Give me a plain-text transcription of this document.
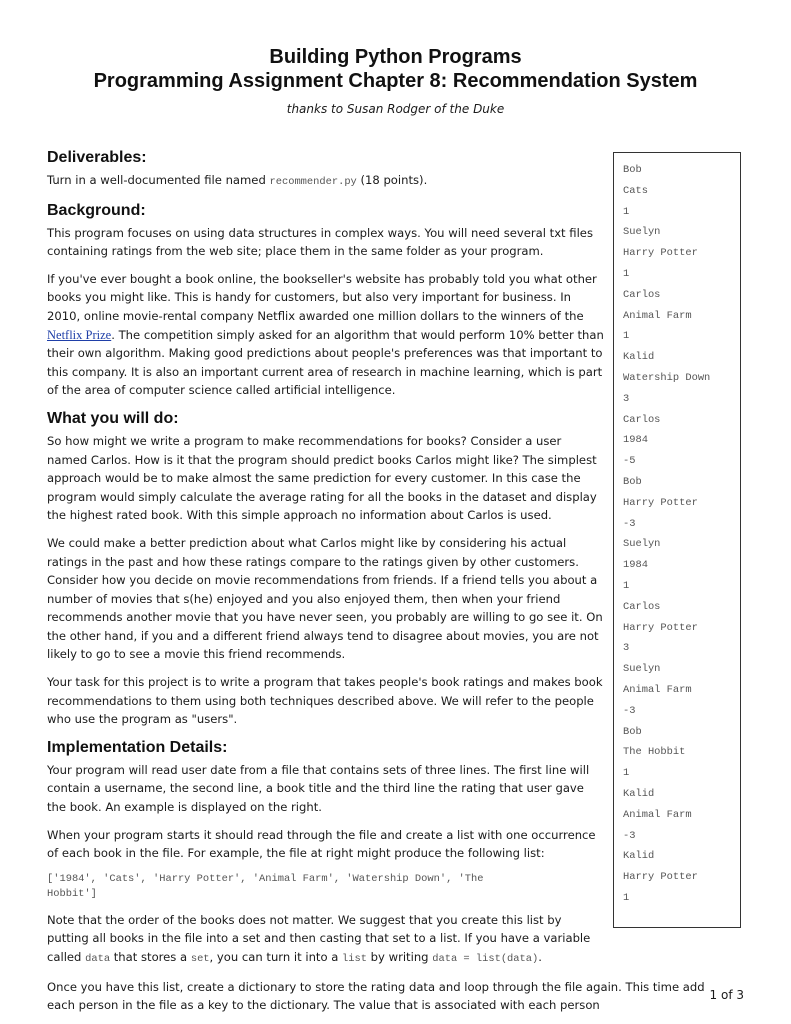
Building Python Programs
Programming Assignment Chapter 8: Recommendation System
thanks to Susan Rodger of the Duke
Deliverables:

Turn in a well-documented file named recommender.py (18 points).

Background:

This program focuses on using data structures in complex ways. You will need several txt files containing ratings from the web site; place them in the same folder as your program.

If you've ever bought a book online, the bookseller's website has probably told you what other books you might like. This is handy for customers, but also very important for business. In 2010, online movie-rental company Netflix awarded one million dollars to the winners of the Netflix Prize. The competition simply asked for an algorithm that would perform 10% better than their own algorithm. Making good predictions about people's preferences was that important to this company. It is also an important current area of research in machine learning, which is part of the area of computer science called artificial intelligence.

What you will do:

So how might we write a program to make recommendations for books? Consider a user named Carlos. How is it that the program should predict books Carlos might like? The simplest approach would be to make almost the same prediction for every customer. In this case the program would simply calculate the average rating for all the books in the dataset and display the highest rated book. With this simple approach no information about Carlos is used.

We could make a better prediction about what Carlos might like by considering his actual ratings in the past and how these ratings compare to the ratings given by other customers. Consider how you decide on movie recommendations from friends. If a friend tells you about a number of movies that s(he) enjoyed and you also enjoyed them, then when your friend recommends another movie that you have never seen, you probably are willing to go see it. On the other hand, if you and a different friend always tend to disagree about movies, you are not likely to go to see a movie this friend recommends.

Your task for this project is to write a program that takes people's book ratings and makes book recommendations to them using both techniques described above. We will refer to the people who use the program as "users".

Implementation Details:

Your program will read user date from a file that contains sets of three lines. The first line will contain a username, the second line, a book title and the third line the rating that user gave the book. An example is displayed on the right.

When your program starts it should read through the file and create a list with one occurrence of each book in the file. For example, the file at right might produce the following list:

['1984', 'Cats', 'Harry Potter', 'Animal Farm', 'Watership Down', 'The
Hobbit']

Note that the order of the books does not matter. We suggest that you create this list by putting all books in the file into a set and then casting that set to a list. If you have a variable called data that stores a set, you can turn it into a list by writing data = list(data).

Once you have this list, create a dictionary to store the rating data and loop through the file again. This time add each person in the file as a key to the dictionary. The value that is associated with each person

Bob
Cats
1
Suelyn
Harry Potter
1
Carlos
Animal Farm
1
Kalid
Watership Down
3
Carlos
1984
-5
Bob
Harry Potter
-3
Suelyn
1984
1
Carlos
Harry Potter
3
Suelyn
Animal Farm
-3
Bob
The Hobbit
1
Kalid
Animal Farm
-3
Kalid
Harry Potter
1
1 of 3
